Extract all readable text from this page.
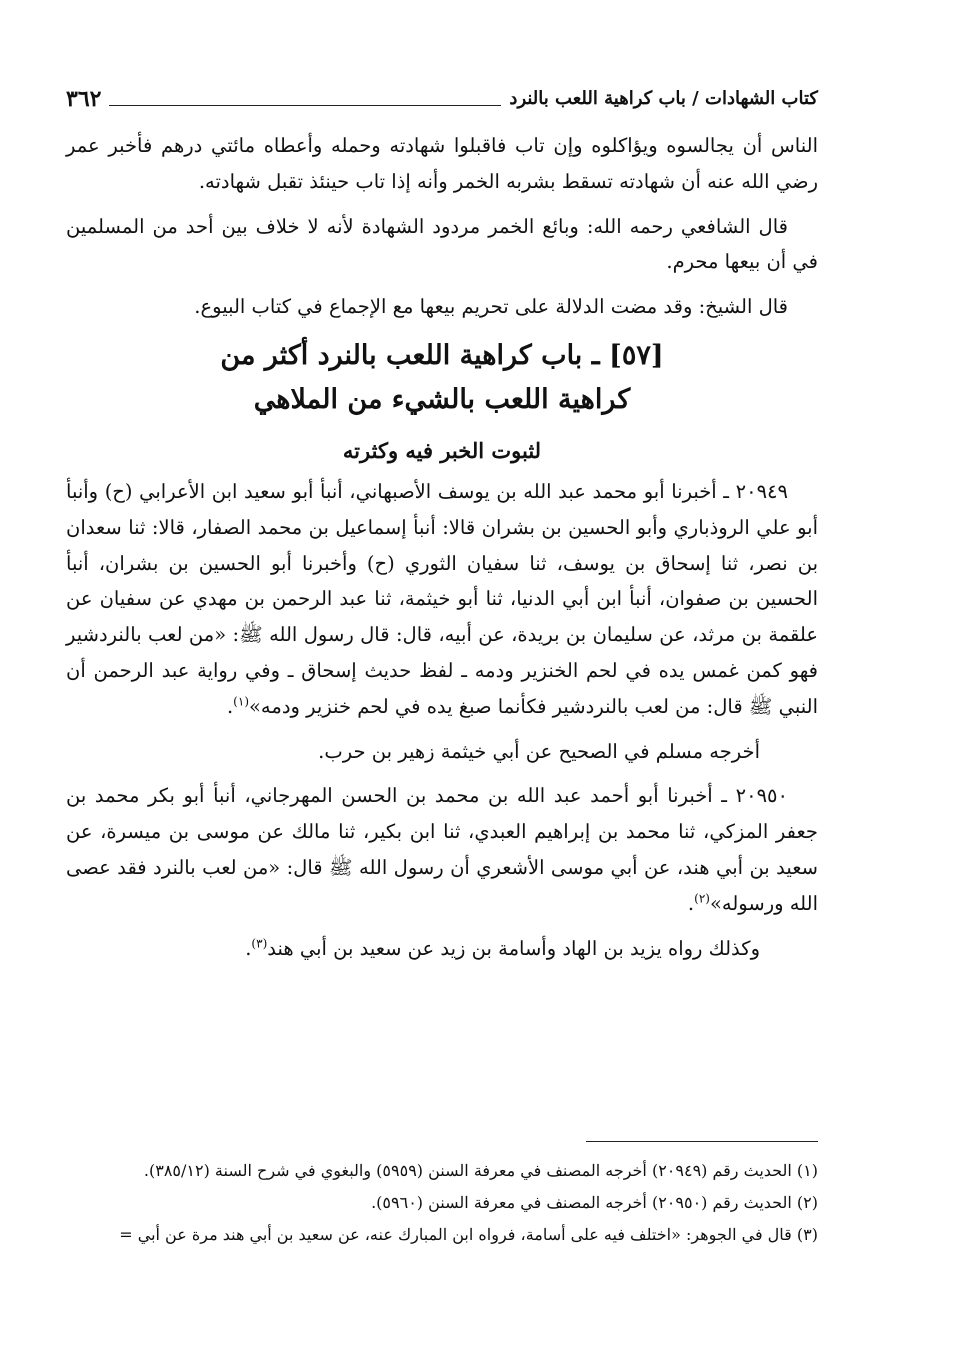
كتاب الشهادات / باب كراهية اللعب بالنرد
٣٦٢

الناس أن يجالسوه ويؤاكلوه وإن تاب فاقبلوا شهادته وحمله وأعطاه مائتي درهم فأخبر عمر رضي الله عنه أن شهادته تسقط بشربه الخمر وأنه إذا تاب حينئذ تقبل شهادته.

قال الشافعي رحمه الله: وبائع الخمر مردود الشهادة لأنه لا خلاف بين أحد من المسلمين في أن بيعها محرم.

قال الشيخ: وقد مضت الدلالة على تحريم بيعها مع الإجماع في كتاب البيوع.

[٥٧] ـ باب كراهية اللعب بالنرد أكثر من
كراهية اللعب بالشيء من الملاهي
لثبوت الخبر فيه وكثرته

٢٠٩٤٩ ـ أخبرنا أبو محمد عبد الله بن يوسف الأصبهاني، أنبأ أبو سعيد ابن الأعرابي (ح) وأنبأ أبو علي الروذباري وأبو الحسين بن بشران قالا: أنبأ إسماعيل بن محمد الصفار، قالا: ثنا سعدان بن نصر، ثنا إسحاق بن يوسف، ثنا سفيان الثوري (ح) وأخبرنا أبو الحسين بن بشران، أنبأ الحسين بن صفوان، أنبأ ابن أبي الدنيا، ثنا أبو خيثمة، ثنا عبد الرحمن بن مهدي عن سفيان عن علقمة بن مرثد، عن سليمان بن بريدة، عن أبيه، قال: قال رسول الله ﷺ: «من لعب بالنردشير فهو كمن غمس يده في لحم الخنزير ودمه ـ لفظ حديث إسحاق ـ وفي رواية عبد الرحمن أن النبي ﷺ قال: من لعب بالنردشير فكأنما صبغ يده في لحم خنزير ودمه»$^{(١)}$.

أخرجه مسلم في الصحيح عن أبي خيثمة زهير بن حرب.

٢٠٩٥٠ ـ أخبرنا أبو أحمد عبد الله بن محمد بن الحسن المهرجاني، أنبأ أبو بكر محمد بن جعفر المزكي، ثنا محمد بن إبراهيم العبدي، ثنا ابن بكير، ثنا مالك عن موسى بن ميسرة، عن سعيد بن أبي هند، عن أبي موسى الأشعري أن رسول الله ﷺ قال: «من لعب بالنرد فقد عصى الله ورسوله»$^{(٢)}$.

وكذلك رواه يزيد بن الهاد وأسامة بن زيد عن سعيد بن أبي هند$^{(٣)}$.

(١) الحديث رقم (٢٠٩٤٩) أخرجه المصنف في معرفة السنن (٥٩٥٩) والبغوي في شرح السنة (٣٨٥/١٢).

(٢) الحديث رقم (٢٠٩٥٠) أخرجه المصنف في معرفة السنن (٥٩٦٠).

(٣) قال في الجوهر: «اختلف فيه على أسامة، فرواه ابن المبارك عنه، عن سعيد بن أبي هند مرة عن أبي =
